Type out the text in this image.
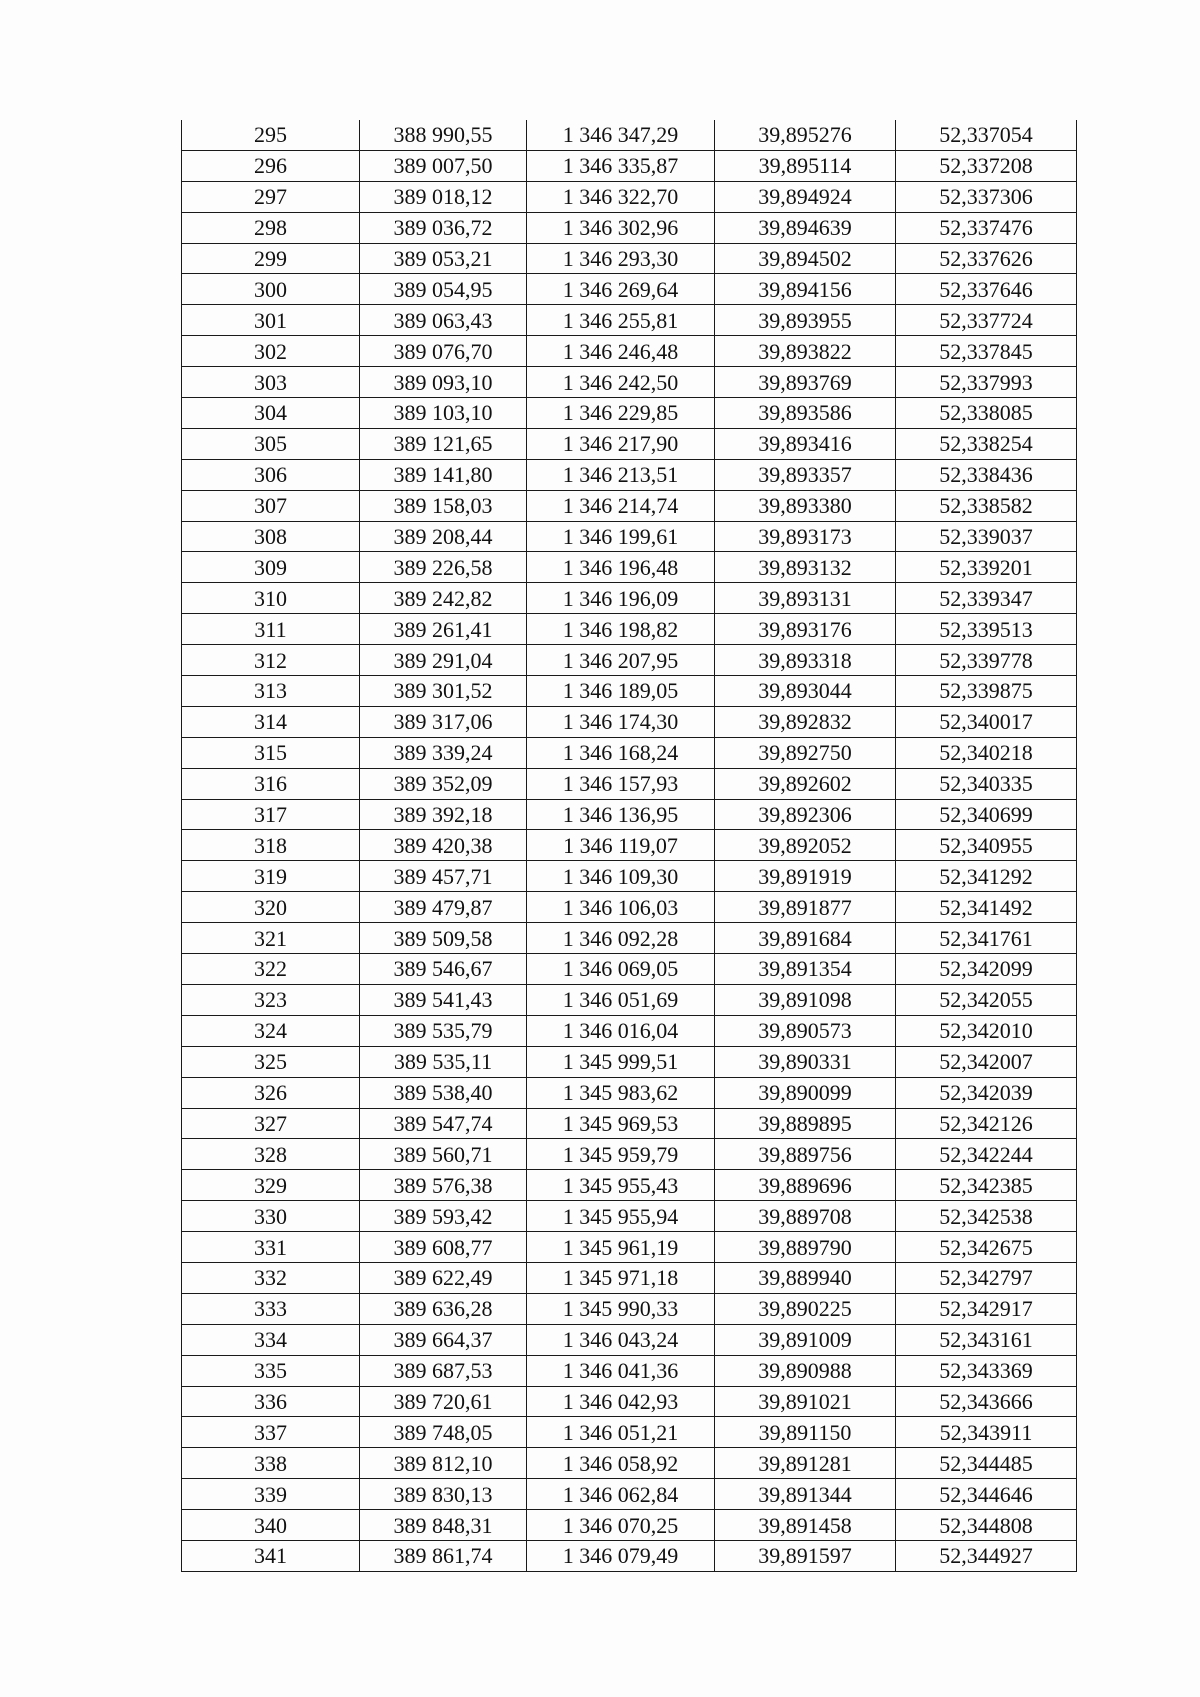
295	388 990,55	1 346 347,29	39,895276	52,337054
296	389 007,50	1 346 335,87	39,895114	52,337208
297	389 018,12	1 346 322,70	39,894924	52,337306
298	389 036,72	1 346 302,96	39,894639	52,337476
299	389 053,21	1 346 293,30	39,894502	52,337626
300	389 054,95	1 346 269,64	39,894156	52,337646
301	389 063,43	1 346 255,81	39,893955	52,337724
302	389 076,70	1 346 246,48	39,893822	52,337845
303	389 093,10	1 346 242,50	39,893769	52,337993
304	389 103,10	1 346 229,85	39,893586	52,338085
305	389 121,65	1 346 217,90	39,893416	52,338254
306	389 141,80	1 346 213,51	39,893357	52,338436
307	389 158,03	1 346 214,74	39,893380	52,338582
308	389 208,44	1 346 199,61	39,893173	52,339037
309	389 226,58	1 346 196,48	39,893132	52,339201
310	389 242,82	1 346 196,09	39,893131	52,339347
311	389 261,41	1 346 198,82	39,893176	52,339513
312	389 291,04	1 346 207,95	39,893318	52,339778
313	389 301,52	1 346 189,05	39,893044	52,339875
314	389 317,06	1 346 174,30	39,892832	52,340017
315	389 339,24	1 346 168,24	39,892750	52,340218
316	389 352,09	1 346 157,93	39,892602	52,340335
317	389 392,18	1 346 136,95	39,892306	52,340699
318	389 420,38	1 346 119,07	39,892052	52,340955
319	389 457,71	1 346 109,30	39,891919	52,341292
320	389 479,87	1 346 106,03	39,891877	52,341492
321	389 509,58	1 346 092,28	39,891684	52,341761
322	389 546,67	1 346 069,05	39,891354	52,342099
323	389 541,43	1 346 051,69	39,891098	52,342055
324	389 535,79	1 346 016,04	39,890573	52,342010
325	389 535,11	1 345 999,51	39,890331	52,342007
326	389 538,40	1 345 983,62	39,890099	52,342039
327	389 547,74	1 345 969,53	39,889895	52,342126
328	389 560,71	1 345 959,79	39,889756	52,342244
329	389 576,38	1 345 955,43	39,889696	52,342385
330	389 593,42	1 345 955,94	39,889708	52,342538
331	389 608,77	1 345 961,19	39,889790	52,342675
332	389 622,49	1 345 971,18	39,889940	52,342797
333	389 636,28	1 345 990,33	39,890225	52,342917
334	389 664,37	1 346 043,24	39,891009	52,343161
335	389 687,53	1 346 041,36	39,890988	52,343369
336	389 720,61	1 346 042,93	39,891021	52,343666
337	389 748,05	1 346 051,21	39,891150	52,343911
338	389 812,10	1 346 058,92	39,891281	52,344485
339	389 830,13	1 346 062,84	39,891344	52,344646
340	389 848,31	1 346 070,25	39,891458	52,344808
341	389 861,74	1 346 079,49	39,891597	52,344927
